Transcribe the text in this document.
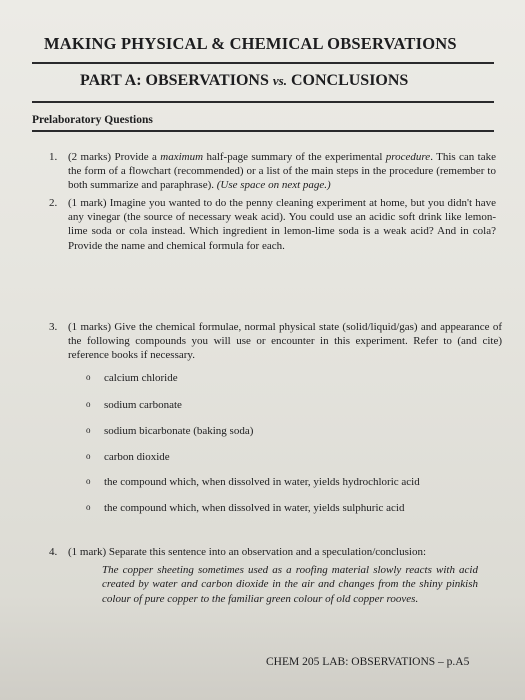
MAKING PHYSICAL & CHEMICAL OBSERVATIONS
PART A: OBSERVATIONS vs. CONCLUSIONS
Prelaboratory Questions
1. (2 marks) Provide a maximum half-page summary of the experimental procedure. This can take the form of a flowchart (recommended) or a list of the main steps in the procedure (remember to both summarize and paraphrase). (Use space on next page.)
2. (1 mark) Imagine you wanted to do the penny cleaning experiment at home, but you didn't have any vinegar (the source of necessary weak acid). You could use an acidic soft drink like lemon-lime soda or cola instead. Which ingredient in lemon-lime soda is a weak acid? And in cola? Provide the name and chemical formula for each.
3. (1 marks) Give the chemical formulae, normal physical state (solid/liquid/gas) and appearance of the following compounds you will use or encounter in this experiment. Refer to (and cite) reference books if necessary.
o calcium chloride
o sodium carbonate
o sodium bicarbonate (baking soda)
o carbon dioxide
o the compound which, when dissolved in water, yields hydrochloric acid
o the compound which, when dissolved in water, yields sulphuric acid
4. (1 mark) Separate this sentence into an observation and a speculation/conclusion:
The copper sheeting sometimes used as a roofing material slowly reacts with acid created by water and carbon dioxide in the air and changes from the shiny pinkish colour of pure copper to the familiar green colour of old copper rooves.
CHEM 205 LAB: OBSERVATIONS – p.A5
